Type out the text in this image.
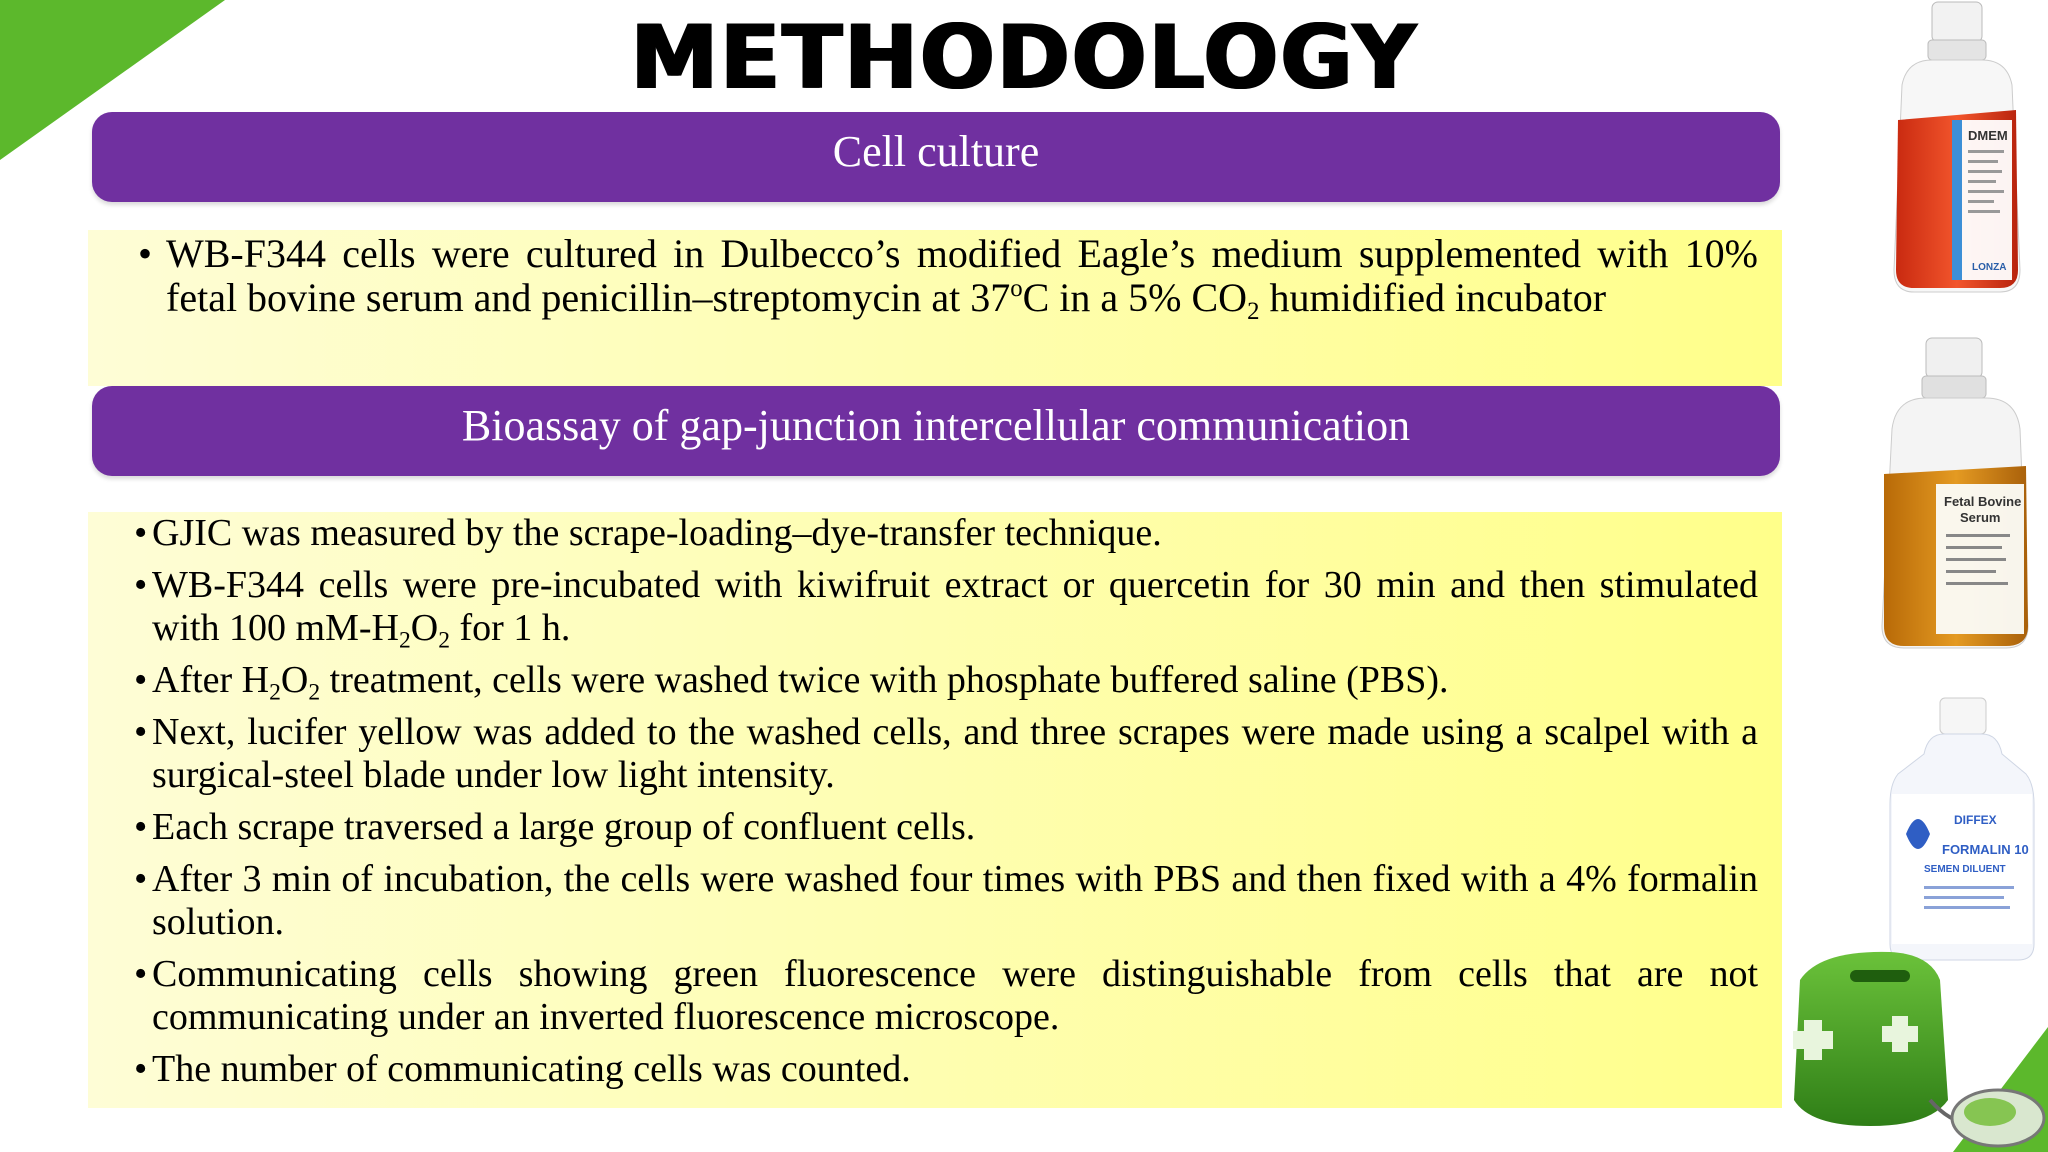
METHODOLOGY
Cell culture

• WB-F344 cells were cultured in Dulbecco’s modified Eagle’s medium supplemented with 10% fetal bovine serum and penicillin–streptomycin at 37$^o$C in a 5% $CO_2$ humidified incubator

Bioassay of gap-junction intercellular communication

• GJIC was measured by the scrape-loading–dye-transfer technique.

• WB-F344 cells were pre-incubated with kiwifruit extract or quercetin for 30 min and then stimulated with 100 $mM-H_2O_2$ for 1 h.

• After $H_2O_2$ treatment, cells were washed twice with phosphate buffered saline (PBS).

• Next, lucifer yellow was added to the washed cells, and three scrapes were made using a scalpel with a surgical-steel blade under low light intensity.

• Each scrape traversed a large group of confluent cells.

• After 3 min of incubation, the cells were washed four times with PBS and then fixed with a 4% formalin solution.

• Communicating cells showing green fluorescence were distinguishable from cells that are not communicating under an inverted fluorescence microscope.

• The number of communicating cells was counted.

DMEM
LONZA
Fetal Bovine
Serum
DIFFEX
FORMALIN 10
SEMEN DILUENT
